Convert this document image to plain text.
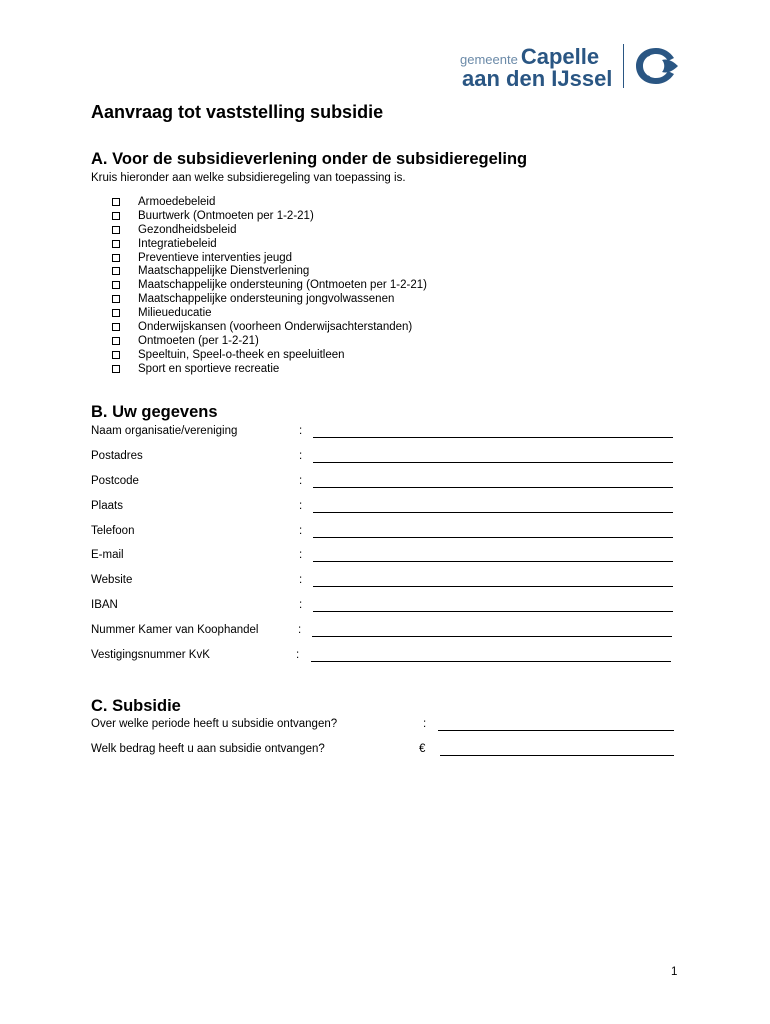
gemeente Capelle
aan den IJssel
Aanvraag tot vaststelling subsidie
A. Voor de subsidieverlening onder de subsidieregeling
Kruis hieronder aan welke subsidieregeling van toepassing is.
Armoedebeleid
Buurtwerk (Ontmoeten per 1-2-21)
Gezondheidsbeleid
Integratiebeleid
Preventieve interventies jeugd
Maatschappelijke Dienstverlening
Maatschappelijke ondersteuning (Ontmoeten per 1-2-21)
Maatschappelijke ondersteuning jongvolwassenen
Milieueducatie
Onderwijskansen (voorheen Onderwijsachterstanden)
Ontmoeten (per 1-2-21)
Speeltuin, Speel-o-theek en speeluitleen
Sport en sportieve recreatie
B. Uw gegevens
Naam organisatie/vereniging	:
Postadres	:
Postcode	:
Plaats	:
Telefoon	:
E-mail	:
Website	:
IBAN	:
Nummer Kamer van Koophandel	:
Vestigingsnummer KvK	:
C. Subsidie
Over welke periode heeft u subsidie ontvangen?	:
Welk bedrag heeft u aan subsidie ontvangen?	€
1
